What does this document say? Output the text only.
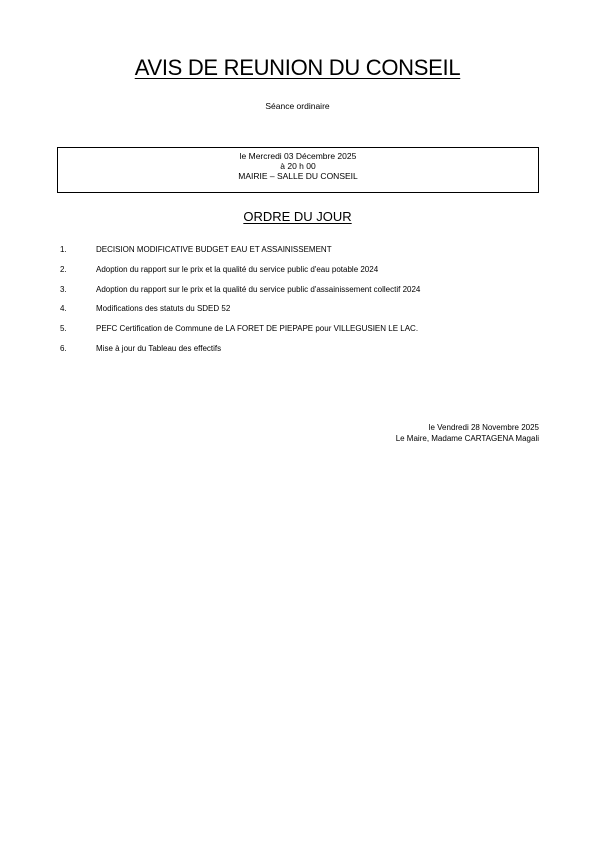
AVIS DE REUNION DU CONSEIL
Séance ordinaire
le Mercredi 03 Décembre 2025
à 20 h 00
MAIRIE – SALLE DU CONSEIL
ORDRE DU JOUR
1.	DECISION MODIFICATIVE BUDGET EAU ET ASSAINISSEMENT
2.	Adoption du rapport sur le prix et la qualité du service public d'eau potable 2024
3.	Adoption du rapport sur le prix et la qualité du service public d'assainissement collectif 2024
4.	Modifications des statuts du SDED 52
5.	PEFC Certification de Commune de LA FORET DE PIEPAPE pour VILLEGUSIEN LE LAC.
6.	Mise à jour du Tableau des effectifs
le Vendredi 28 Novembre 2025
Le Maire, Madame CARTAGENA Magali
